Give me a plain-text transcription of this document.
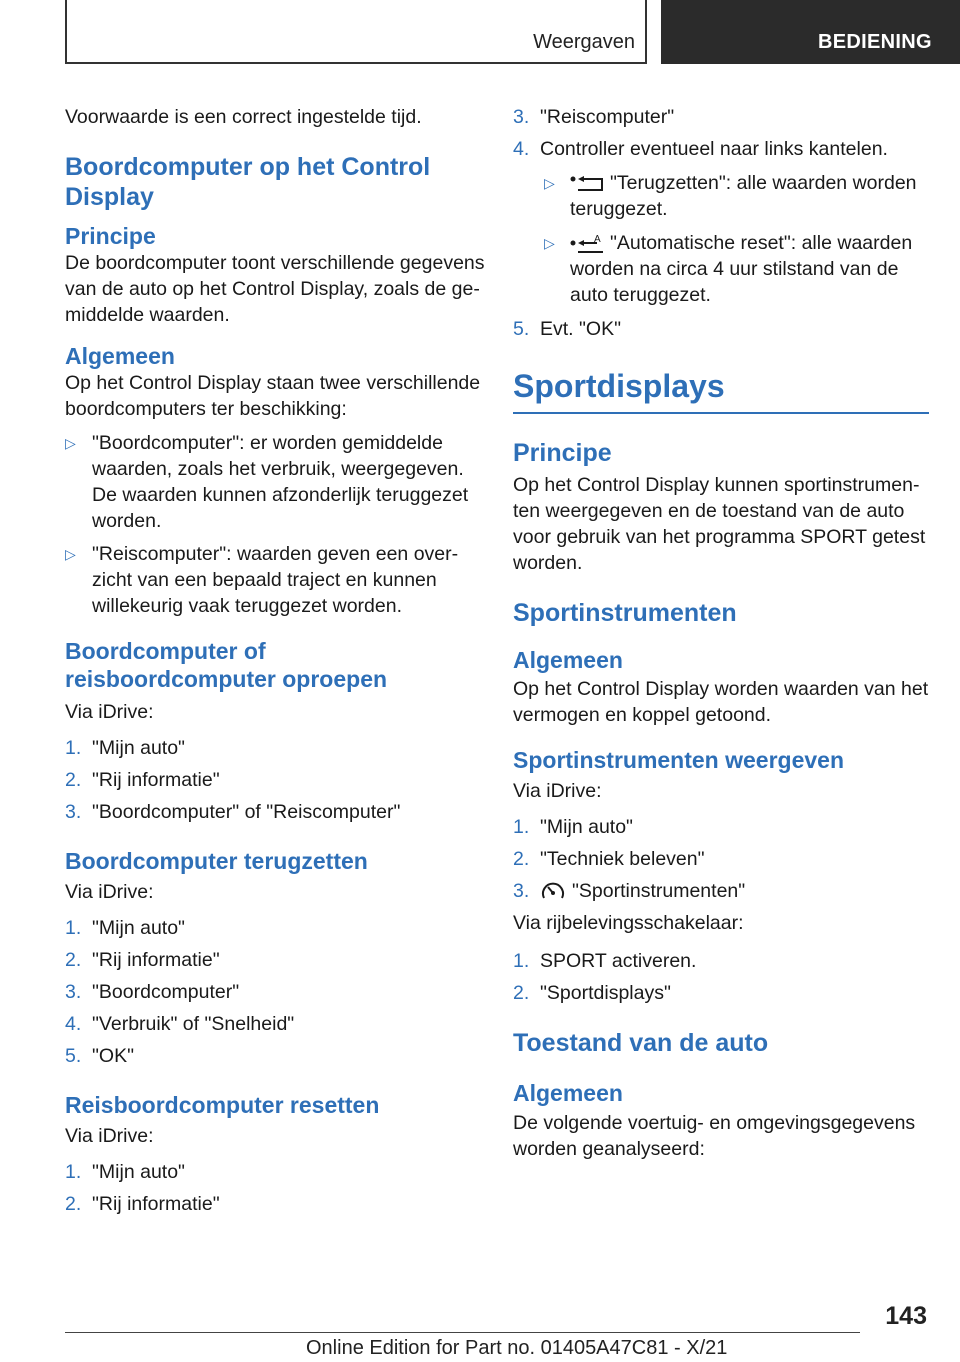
Weergaven	BEDIENING

Voorwaarde is een correct ingestelde tijd.

Boordcomputer op het Control Display
Principe

De boordcomputer toont verschillende gegevens van de auto op het Control Display, zoals de gemiddelde waarden.

Algemeen

Op het Control Display staan twee verschillende boordcomputers ter beschikking:

▷ "Boordcomputer": er worden gemiddelde waarden, zoals het verbruik, weergegeven. De waarden kunnen afzonderlijk teruggezet worden.
▷ "Reiscomputer": waarden geven een overzicht van een bepaald traject en kunnen willekeurig vaak teruggezet worden.
Boordcomputer of reisboordcomputer oproepen

Via iDrive:

1. "Mijn auto"
2. "Rij informatie"
3. "Boordcomputer" of "Reiscomputer"
Boordcomputer terugzetten

Via iDrive:

1. "Mijn auto"
2. "Rij informatie"
3. "Boordcomputer"
4. "Verbruik" of "Snelheid"
5. "OK"
Reisboordcomputer resetten

Via iDrive:

1. "Mijn auto"
2. "Rij informatie"
3. "Reiscomputer"
4. Controller eventueel naar links kantelen.
▷	"Terugzetten": alle waarden worden teruggezet.
▷	A "Automatische reset": alle waarden worden na circa 4 uur stilstand van de auto teruggezet.
5. Evt. "OK"
Sportdisplays
Principe

Op het Control Display kunnen sportinstrumenten weergegeven en de toestand van de auto voor gebruik van het programma SPORT getest worden.

Sportinstrumenten
Algemeen

Op het Control Display worden waarden van het vermogen en koppel getoond.

Sportinstrumenten weergeven

Via iDrive:

1. "Mijn auto"
2. "Techniek beleven"
3. "Sportinstrumenten"

Via rijbelevingsschakelaar:

1. SPORT activeren.
2. "Sportdisplays"
Toestand van de auto
Algemeen

De volgende voertuig- en omgevingsgegevens worden geanalyseerd:

143
Online Edition for Part no. 01405A47C81 - X/21
